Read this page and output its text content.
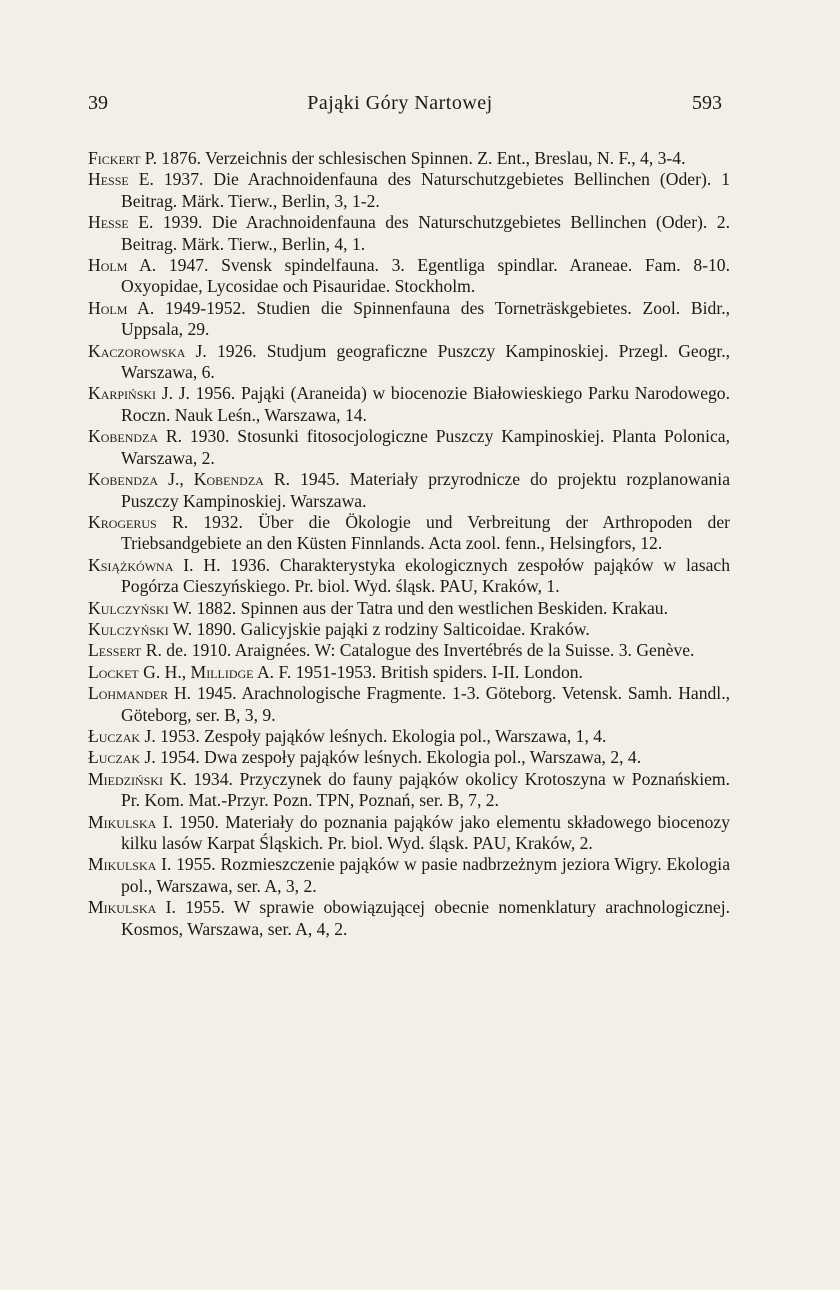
39	Pająki Góry Nartowej	593
Fickert P. 1876. Verzeichnis der schlesischen Spinnen. Z. Ent., Breslau, N. F., 4, 3-4.
Hesse E. 1937. Die Arachnoidenfauna des Naturschutzgebietes Bellinchen (Oder). 1 Beitrag. Märk. Tierw., Berlin, 3, 1-2.
Hesse E. 1939. Die Arachnoidenfauna des Naturschutzgebietes Bellinchen (Oder). 2. Beitrag. Märk. Tierw., Berlin, 4, 1.
Holm A. 1947. Svensk spindelfauna. 3. Egentliga spindlar. Araneae. Fam. 8-10. Oxyopidae, Lycosidae och Pisauridae. Stockholm.
Holm A. 1949-1952. Studien die Spinnenfauna des Torneträskgebietes. Zool. Bidr., Uppsala, 29.
Kaczorowska J. 1926. Studjum geograficzne Puszczy Kampinoskiej. Przegl. Geogr., Warszawa, 6.
Karpiński J. J. 1956. Pająki (Araneida) w biocenozie Białowieskiego Parku Narodowego. Roczn. Nauk Leśn., Warszawa, 14.
Kobendza R. 1930. Stosunki fitosocjologiczne Puszczy Kampinoskiej. Planta Polonica, Warszawa, 2.
Kobendza J., Kobendza R. 1945. Materiały przyrodnicze do projektu rozplanowania Puszczy Kampinoskiej. Warszawa.
Krogerus R. 1932. Über die Ökologie und Verbreitung der Arthropoden der Triebsandgebiete an den Küsten Finnlands. Acta zool. fenn., Helsingfors, 12.
Książkówna I. H. 1936. Charakterystyka ekologicznych zespołów pająków w lasach Pogórza Cieszyńskiego. Pr. biol. Wyd. śląsk. PAU, Kraków, 1.
Kulczyński W. 1882. Spinnen aus der Tatra und den westlichen Beskiden. Krakau.
Kulczyński W. 1890. Galicyjskie pająki z rodziny Salticoidae. Kraków.
Lessert R. de. 1910. Araignées. W: Catalogue des Invertébrés de la Suisse. 3. Genève.
Locket G. H., Millidge A. F. 1951-1953. British spiders. I-II. London.
Lohmander H. 1945. Arachnologische Fragmente. 1-3. Göteborg. Vetensk. Samh. Handl., Göteborg, ser. B, 3, 9.
Łuczak J. 1953. Zespoły pająków leśnych. Ekologia pol., Warszawa, 1, 4.
Łuczak J. 1954. Dwa zespoły pająków leśnych. Ekologia pol., Warszawa, 2, 4.
Miedziński K. 1934. Przyczynek do fauny pająków okolicy Krotoszyna w Poznańskiem. Pr. Kom. Mat.-Przyr. Pozn. TPN, Poznań, ser. B, 7, 2.
Mikulska I. 1950. Materiały do poznania pająków jako elementu składowego biocenozy kilku lasów Karpat Śląskich. Pr. biol. Wyd. śląsk. PAU, Kraków, 2.
Mikulska I. 1955. Rozmieszczenie pająków w pasie nadbrzeżnym jeziora Wigry. Ekologia pol., Warszawa, ser. A, 3, 2.
Mikulska I. 1955. W sprawie obowiązującej obecnie nomenklatury arachnologicznej. Kosmos, Warszawa, ser. A, 4, 2.
